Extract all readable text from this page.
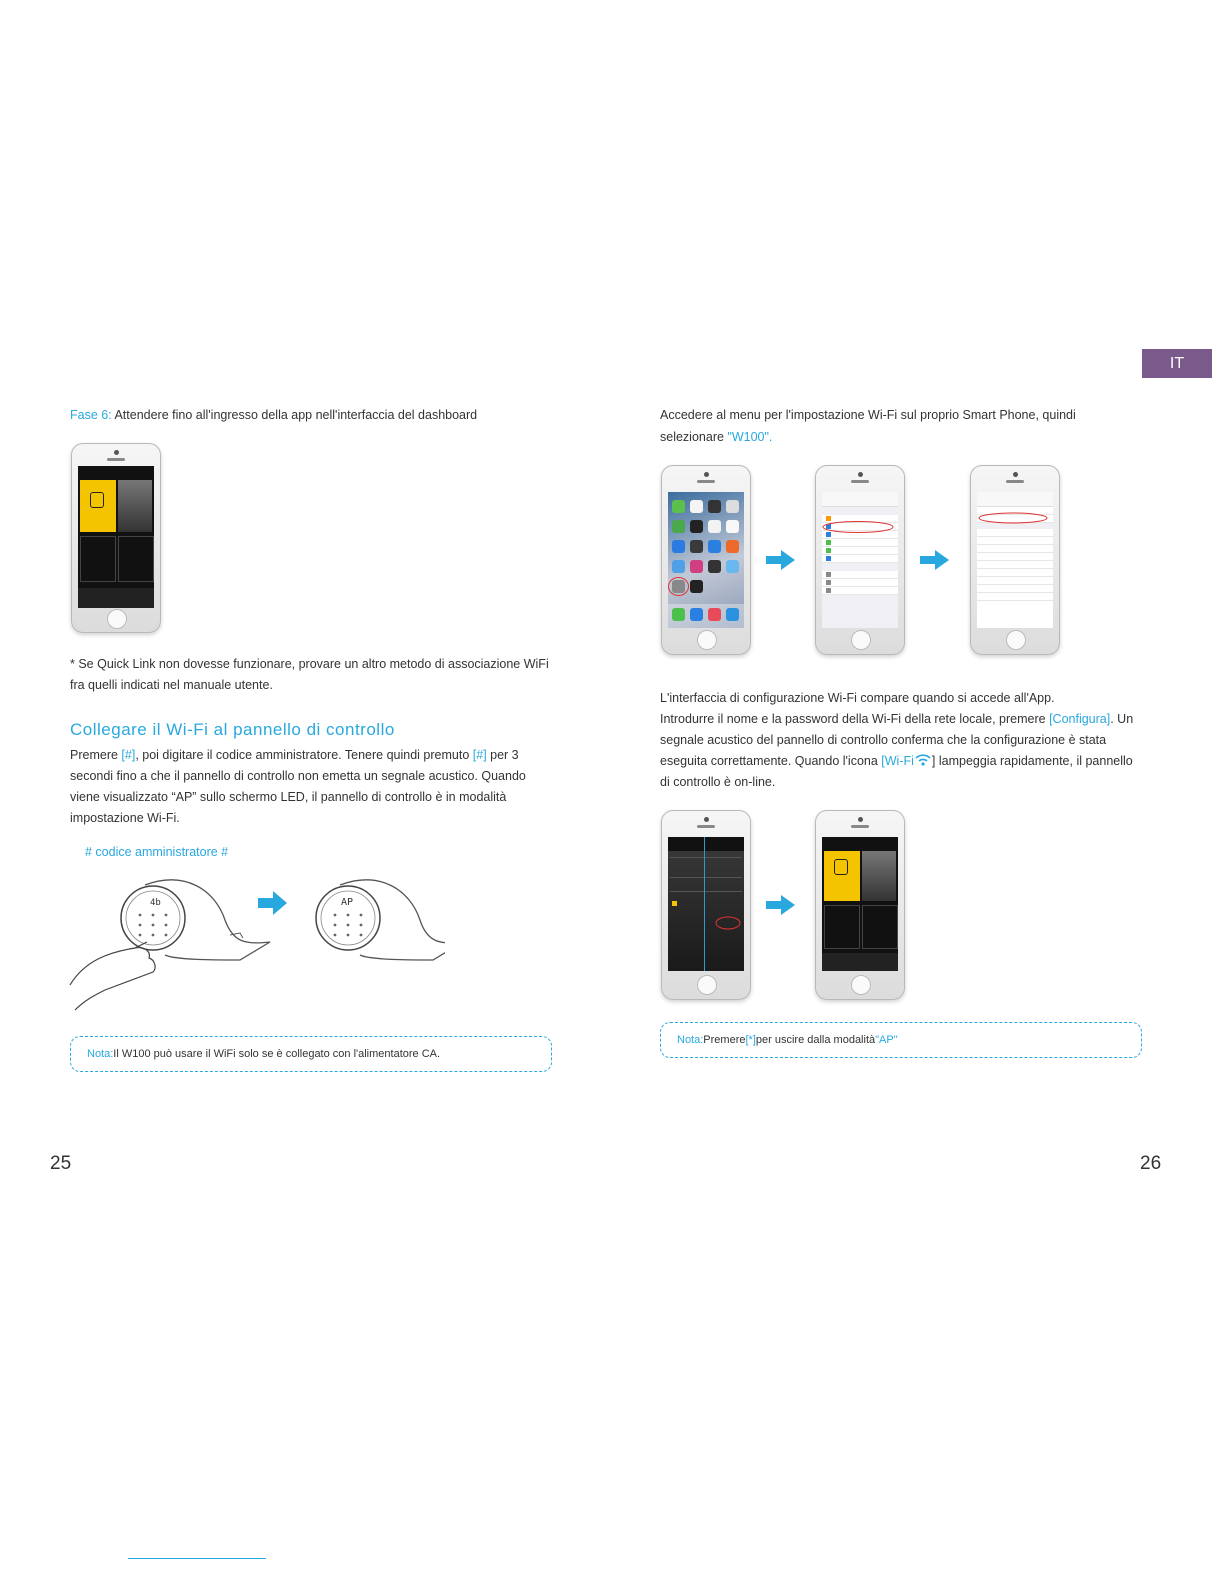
IT
Fase 6: Attendere fino all'ingresso della app nell'interfaccia del dashboard
* Se Quick Link non dovesse funzionare, provare un altro metodo di associazione WiFi
fra quelli indicati nel manuale utente.
Collegare il Wi-Fi al pannello di controllo
Premere [#], poi digitare il codice amministratore. Tenere quindi premuto [#] per 3 secondi fino a che il pannello di controllo non emetta un segnale acustico. Quando viene visualizzato “AP” sullo schermo LED, il pannello di controllo è in modalità impostazione Wi-Fi.
# codice amministratore #
4b	AP
Nota: Il W100 può usare il WiFi solo se è collegato con l'alimentatore CA.
25
Accedere al menu per l'impostazione Wi-Fi sul proprio Smart Phone, quindi
selezionare "W100".
L'interfaccia di configurazione Wi-Fi compare quando si accede all'App.
Introdurre il nome e la password della Wi-Fi della rete locale, premere [Configura]. Un
segnale acustico del pannello di controllo conferma che la configurazione è stata
eseguita correttamente. Quando l'icona [Wi-Fi ] lampeggia rapidamente, il pannello
di controllo è on-line.
Nota: Premere [*] per uscire dalla modalità "AP"
26
